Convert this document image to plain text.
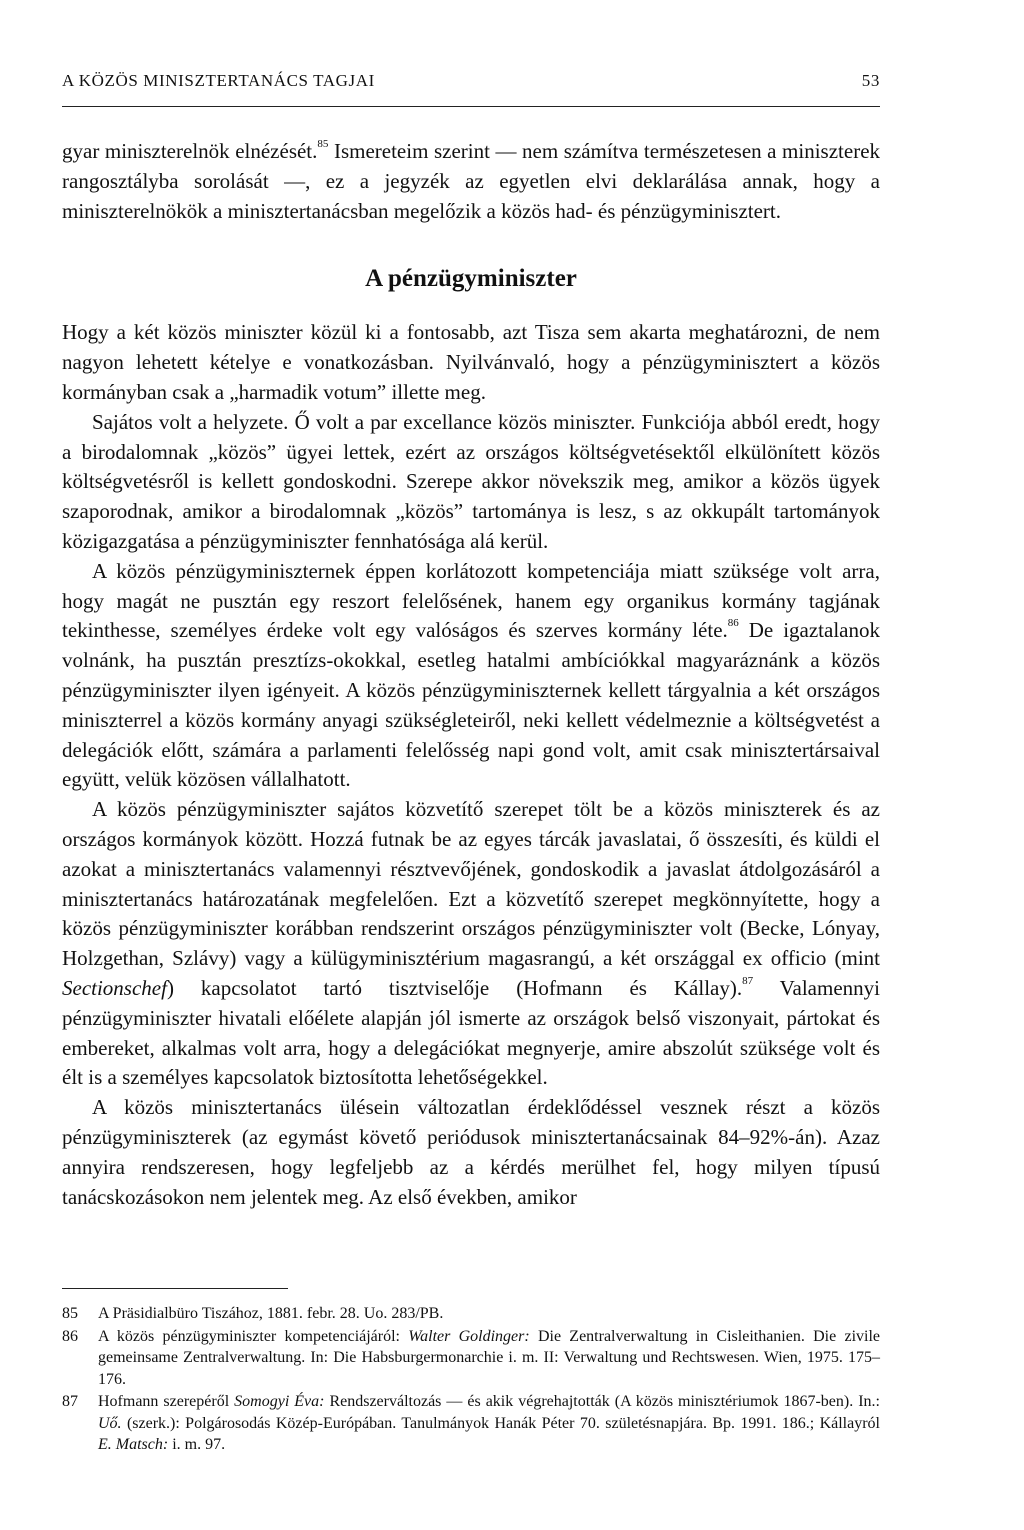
A KÖZÖS MINISZTERTANÁCS TAGJAI	53

gyar miniszterelnök elnézését.$^{85}$ Ismereteim szerint — nem számítva természetesen a miniszterek rangosztályba sorolását —, ez a jegyzék az egyetlen elvi deklarálása annak, hogy a miniszterelnökök a minisztertanácsban megelőzik a közös had- és pénzügyminisztert.

A pénzügyminiszter

Hogy a két közös miniszter közül ki a fontosabb, azt Tisza sem akarta meghatározni, de nem nagyon lehetett kételye e vonatkozásban. Nyilvánvaló, hogy a pénzügyminisztert a közös kormányban csak a „harmadik votum” illette meg.

Sajátos volt a helyzete. Ő volt a par excellance közös miniszter. Funkciója abból eredt, hogy a birodalomnak „közös” ügyei lettek, ezért az országos költségvetésektől elkülönített közös költségvetésről is kellett gondoskodni. Szerepe akkor növekszik meg, amikor a közös ügyek szaporodnak, amikor a birodalomnak „közös” tartománya is lesz, s az okkupált tartományok közigazgatása a pénzügyminiszter fennhatósága alá kerül.

A közös pénzügyminiszternek éppen korlátozott kompetenciája miatt szüksége volt arra, hogy magát ne pusztán egy reszort felelősének, hanem egy organikus kormány tagjának tekinthesse, személyes érdeke volt egy valóságos és szerves kormány léte.$^{86}$ De igaztalanok volnánk, ha pusztán presztízs-okokkal, esetleg hatalmi ambíciókkal magyaráznánk a közös pénzügyminiszter ilyen igényeit. A közös pénzügyminiszternek kellett tárgyalnia a két országos miniszterrel a közös kormány anyagi szükségleteiről, neki kellett védelmeznie a költségvetést a delegációk előtt, számára a parlamenti felelősség napi gond volt, amit csak minisztertársaival együtt, velük közösen vállalhatott.

A közös pénzügyminiszter sajátos közvetítő szerepet tölt be a közös miniszterek és az országos kormányok között. Hozzá futnak be az egyes tárcák javaslatai, ő összesíti, és küldi el azokat a minisztertanács valamennyi résztvevőjének, gondoskodik a javaslat átdolgozásáról a minisztertanács határozatának megfelelően. Ezt a közvetítő szerepet megkönnyítette, hogy a közös pénzügyminiszter korábban rendszerint országos pénzügyminiszter volt (Becke, Lónyay, Holzgethan, Szlávy) vagy a külügyminisztérium magasrangú, a két országgal ex officio (mint Sectionschef) kapcsolatot tartó tisztviselője (Hofmann és Kállay).$^{87}$ Valamennyi pénzügyminiszter hivatali előélete alapján jól ismerte az országok belső viszonyait, pártokat és embereket, alkalmas volt arra, hogy a delegációkat megnyerje, amire abszolút szüksége volt és élt is a személyes kapcsolatok biztosította lehetőségekkel.

A közös minisztertanács ülésein változatlan érdeklődéssel vesznek részt a közös pénzügyminiszterek (az egymást követő periódusok minisztertanácsainak 84–92%-án). Azaz annyira rendszeresen, hogy legfeljebb az a kérdés merülhet fel, hogy milyen típusú tanácskozásokon nem jelentek meg. Az első években, amikor

85 A Präsidialbüro Tiszához, 1881. febr. 28. Uo. 283/PB.
86 A közös pénzügyminiszter kompetenciájáról: Walter Goldinger: Die Zentralverwaltung in Cisleithanien. Die zivile gemeinsame Zentralverwaltung. In: Die Habsburgermonarchie i. m. II: Verwaltung und Rechtswesen. Wien, 1975. 175–176.
87 Hofmann szerepéről Somogyi Éva: Rendszerváltozás — és akik végrehajtották (A közös minisztériumok 1867-ben). In.: Uő. (szerk.): Polgárosodás Közép-Európában. Tanulmányok Hanák Péter 70. születésnapjára. Bp. 1991. 186.; Kállayról E. Matsch: i. m. 97.
